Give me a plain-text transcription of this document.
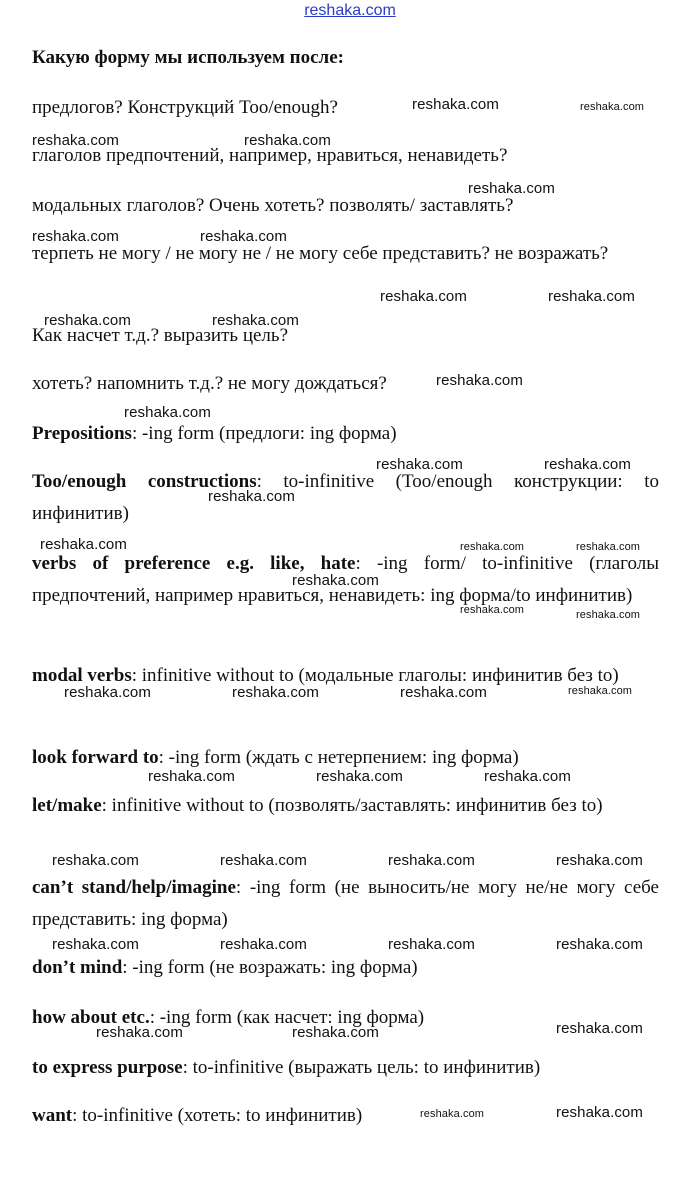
reshaka.com
Какую форму мы используем после:
предлогов? Конструкций Too/enough?
глаголов предпочтений, например, нравиться, ненавидеть?
модальных глаголов? Очень хотеть? позволять/ заставлять?
терпеть не могу / не могу не / не могу себе представить? не возражать?
Как насчет т.д.? выразить цель?
хотеть? напомнить т.д.? не могу дождаться?
Prepositions: -ing form (предлоги: ing форма)
Too/enough constructions: to-infinitive (Too/enough конструкции: to инфинитив)
verbs of preference e.g. like, hate: -ing form/ to-infinitive (глаголы предпочтений, например нравиться, ненавидеть: ing форма/to инфинитив)
modal verbs: infinitive without to (модальные глаголы: инфинитив без to)
look forward to: -ing form (ждать с нетерпением: ing форма)
let/make: infinitive without to (позволять/заставлять: инфинитив без to)
can’t stand/help/imagine: -ing form (не выносить/не могу не/не могу себе представить: ing форма)
don’t mind: -ing form (не возражать: ing форма)
how about etc.: -ing form (как насчет: ing форма)
to express purpose: to-infinitive (выражать цель: to инфинитив)
want: to-infinitive (хотеть: to инфинитив)
reshaka.com	reshaka.com
reshaka.com	reshaka.com
reshaka.com
reshaka.com	reshaka.com
reshaka.com	reshaka.com
reshaka.com	reshaka.com
reshaka.com
reshaka.com
reshaka.com	reshaka.com
reshaka.com
reshaka.com	reshaka.com	reshaka.com
reshaka.com
reshaka.com	reshaka.com
reshaka.com	reshaka.com	reshaka.com	reshaka.com
reshaka.com	reshaka.com	reshaka.com
reshaka.com	reshaka.com	reshaka.com	reshaka.com
reshaka.com	reshaka.com	reshaka.com	reshaka.com
reshaka.com	reshaka.com	reshaka.com
reshaka.com	reshaka.com
